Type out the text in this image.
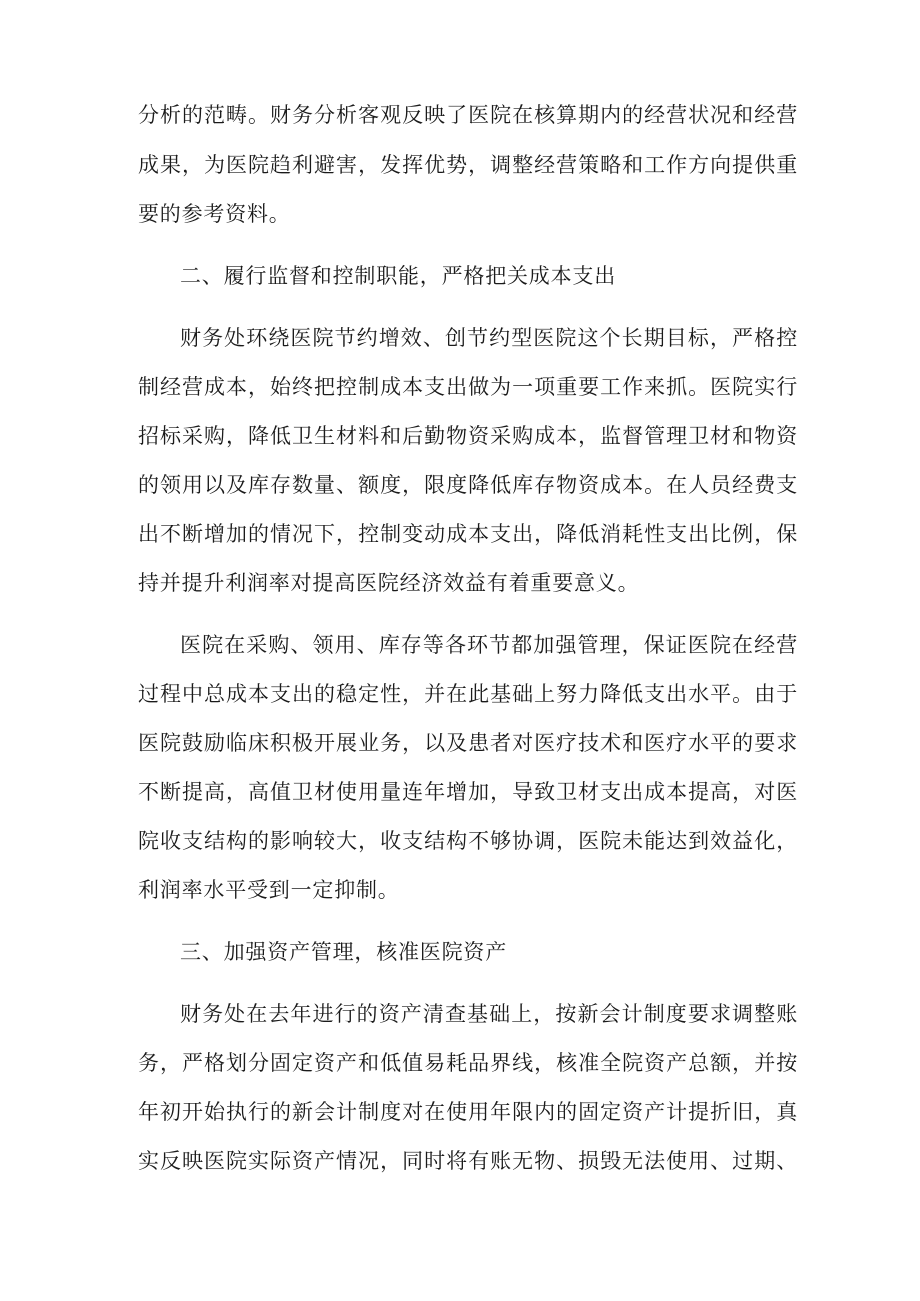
分析的范畴。财务分析客观反映了医院在核算期内的经营状况和经营
成果，为医院趋利避害，发挥优势，调整经营策略和工作方向提供重
要的参考资料。
二、履行监督和控制职能，严格把关成本支出
财务处环绕医院节约增效、创节约型医院这个长期目标，严格控
制经营成本，始终把控制成本支出做为一项重要工作来抓。医院实行
招标采购，降低卫生材料和后勤物资采购成本，监督管理卫材和物资
的领用以及库存数量、额度，限度降低库存物资成本。在人员经费支
出不断增加的情况下，控制变动成本支出，降低消耗性支出比例，保
持并提升利润率对提高医院经济效益有着重要意义。
医院在采购、领用、库存等各环节都加强管理，保证医院在经营
过程中总成本支出的稳定性，并在此基础上努力降低支出水平。由于
医院鼓励临床积极开展业务，以及患者对医疗技术和医疗水平的要求
不断提高，高值卫材使用量连年增加，导致卫材支出成本提高，对医
院收支结构的影响较大，收支结构不够协调，医院未能达到效益化，
利润率水平受到一定抑制。
三、加强资产管理，核准医院资产
财务处在去年进行的资产清查基础上，按新会计制度要求调整账
务，严格划分固定资产和低值易耗品界线，核准全院资产总额，并按
年初开始执行的新会计制度对在使用年限内的固定资产计提折旧，真
实反映医院实际资产情况，同时将有账无物、损毁无法使用、过期、
